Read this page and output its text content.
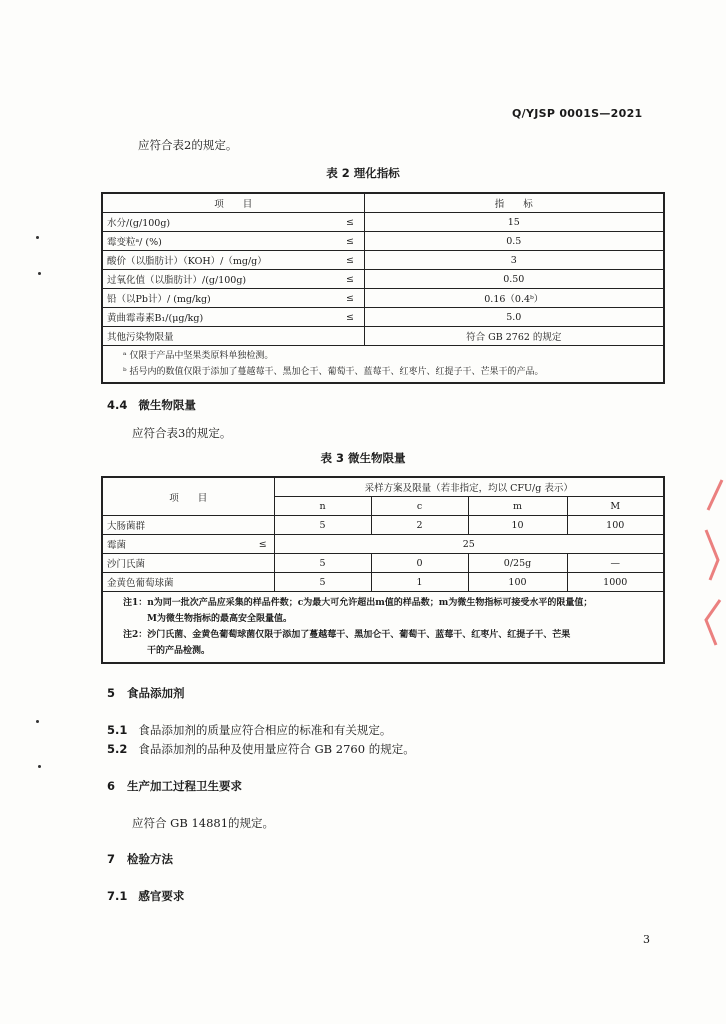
Q/YJSP 0001S—2021
应符合表2的规定。
表 2 理化指标
项　　目		指　　标
水分/(g/100g)	≤	15
霉变粒ᵃ/ (%)	≤	0.5
酸价（以脂肪计）（KOH）/（mg/g）	≤	3
过氧化值（以脂肪计）/(g/100g)	≤	0.50
铅（以Pb计）/ (mg/kg)	≤	0.16（0.4ᵇ）
黄曲霉毒素B₁/(μg/kg)	≤	5.0
其他污染物限量		符合 GB 2762 的规定

ᵃ 仅限于产品中坚果类原料单独检测。
ᵇ 括号内的数值仅限于添加了蔓越莓干、黑加仑干、葡萄干、蓝莓干、红枣片、红提子干、芒果干的产品。		
4.4 微生物限量
应符合表3的规定。
表 3 微生物限量
项　　目		采样方案及限量（若非指定，均以 CFU/g 表示）			
		n	c	m	M
大肠菌群		5	2	10	100
霉菌	≤	25			
沙门氏菌		5	0	0/25g	—
金黄色葡萄球菌		5	1	100	1000

注1：n为同一批次产品应采集的样品件数；c为最大可允许超出m值的样品数；m为微生物指标可接受水平的限量值；
M为微生物指标的最高安全限量值。
注2：沙门氏菌、金黄色葡萄球菌仅限于添加了蔓越莓干、黑加仑干、葡萄干、蓝莓干、红枣片、红提子干、芒果
干的产品检测。					
5 食品添加剂
5.1 食品添加剂的质量应符合相应的标准和有关规定。
5.2 食品添加剂的品种及使用量应符合 GB 2760 的规定。
6 生产加工过程卫生要求
应符合 GB 14881的规定。
7 检验方法
7.1 感官要求
3
